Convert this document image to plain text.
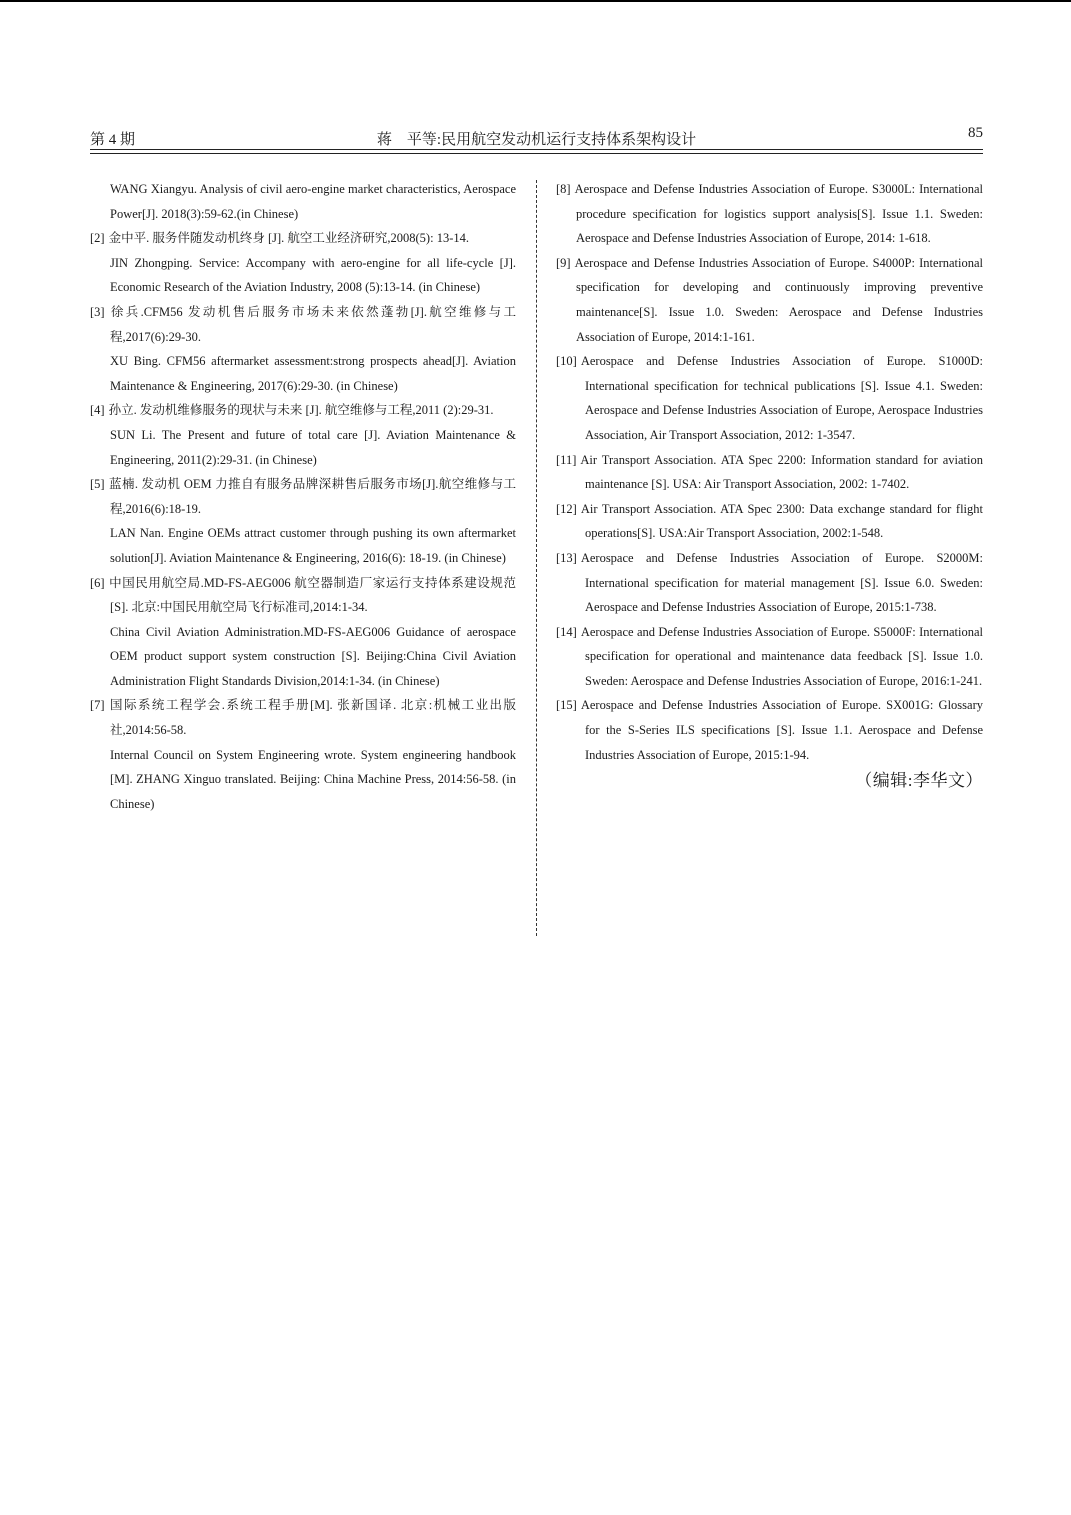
第 4 期	蒋　平等:民用航空发动机运行支持体系架构设计	85
WANG Xiangyu. Analysis of civil aero-engine market characteristics, Aerospace Power[J]. 2018(3):59-62.(in Chinese)
[2] 金中平. 服务伴随发动机终身 [J]. 航空工业经济研究,2008(5): 13-14.
JIN Zhongping. Service: Accompany with aero-engine for all life-cycle [J]. Economic Research of the Aviation Industry, 2008 (5):13-14. (in Chinese)
[3] 徐兵.CFM56 发动机售后服务市场未来依然蓬勃[J].航空维修与工程,2017(6):29-30.
XU Bing. CFM56 aftermarket assessment:strong prospects ahead[J]. Aviation Maintenance & Engineering, 2017(6):29-30. (in Chinese)
[4] 孙立. 发动机维修服务的现状与未来 [J]. 航空维修与工程,2011 (2):29-31.
SUN Li. The Present and future of total care [J]. Aviation Maintenance & Engineering, 2011(2):29-31. (in Chinese)
[5] 蓝楠. 发动机 OEM 力推自有服务品牌深耕售后服务市场[J].航空维修与工程,2016(6):18-19.
LAN Nan. Engine OEMs attract customer through pushing its own aftermarket solution[J]. Aviation Maintenance & Engineering, 2016(6): 18-19. (in Chinese)
[6] 中国民用航空局.MD-FS-AEG006 航空器制造厂家运行支持体系建设规范[S]. 北京:中国民用航空局飞行标准司,2014:1-34.
China Civil Aviation Administration.MD-FS-AEG006 Guidance of aerospace OEM product support system construction [S]. Beijing:China Civil Aviation Administration Flight Standards Division,2014:1-34. (in Chinese)
[7] 国际系统工程学会.系统工程手册[M]. 张新国译. 北京:机械工业出版社,2014:56-58.
Internal Council on System Engineering wrote. System engineering handbook [M]. ZHANG Xinguo translated. Beijing: China Machine Press, 2014:56-58. (in Chinese)
[8] Aerospace and Defense Industries Association of Europe. S3000L: International procedure specification for logistics support analysis[S]. Issue 1.1. Sweden: Aerospace and Defense Industries Association of Europe, 2014: 1-618.
[9] Aerospace and Defense Industries Association of Europe. S4000P: International specification for developing and continuously improving preventive maintenance[S]. Issue 1.0. Sweden: Aerospace and Defense Industries Association of Europe, 2014:1-161.
[10] Aerospace and Defense Industries Association of Europe. S1000D: International specification for technical publications [S]. Issue 4.1. Sweden: Aerospace and Defense Industries Association of Europe, Aerospace Industries Association, Air Transport Association, 2012: 1-3547.
[11] Air Transport Association. ATA Spec 2200: Information standard for aviation maintenance [S]. USA: Air Transport Association, 2002: 1-7402.
[12] Air Transport Association. ATA Spec 2300: Data exchange standard for flight operations[S]. USA:Air Transport Association, 2002:1-548.
[13] Aerospace and Defense Industries Association of Europe. S2000M: International specification for material management [S]. Issue 6.0. Sweden: Aerospace and Defense Industries Association of Europe, 2015:1-738.
[14] Aerospace and Defense Industries Association of Europe. S5000F: International specification for operational and maintenance data feedback [S]. Issue 1.0. Sweden: Aerospace and Defense Industries Association of Europe, 2016:1-241.
[15] Aerospace and Defense Industries Association of Europe. SX001G: Glossary for the S-Series ILS specifications [S]. Issue 1.1. Aerospace and Defense Industries Association of Europe, 2015:1-94.
（编辑:李华文）
